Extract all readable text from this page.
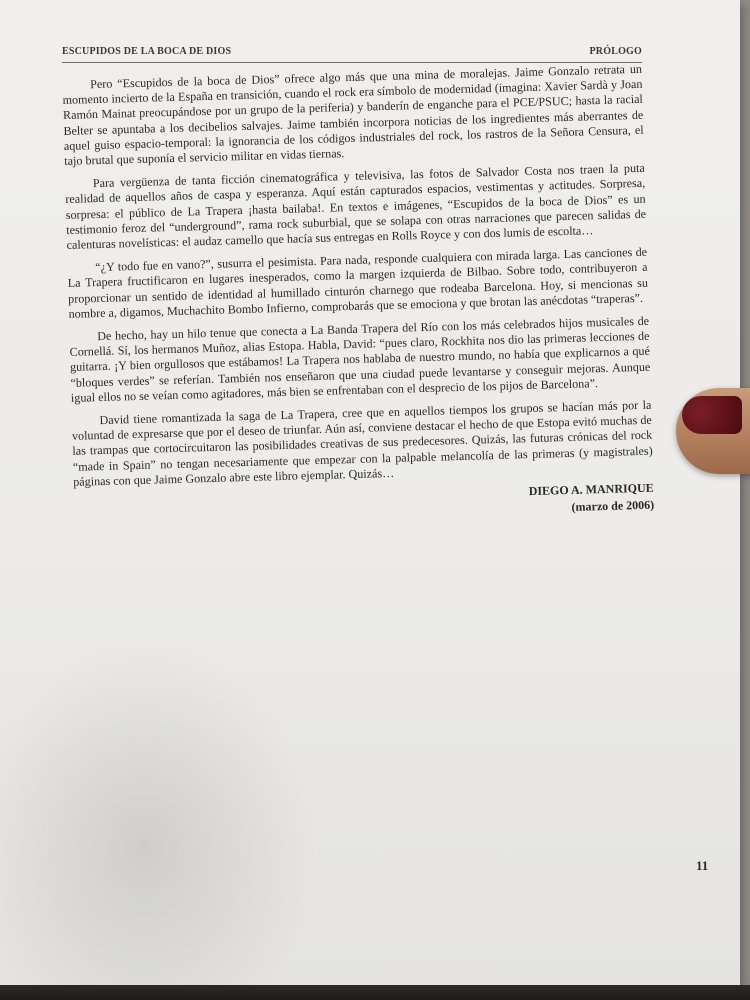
ESCUPIDOS DE LA BOCA DE DIOS	PRÓLOGO

Pero “Escupidos de la boca de Dios” ofrece algo más que una mina de moralejas. Jaime Gonzalo retrata un momento incierto de la España en transición, cuando el rock era símbolo de modernidad (imagina: Xavier Sardà y Joan Ramón Mainat preocupándose por un grupo de la periferia) y banderín de enganche para el PCE/PSUC; hasta la racial Belter se apuntaba a los decibelios salvajes. Jaime también incorpora noticias de los ingredientes más aberrantes de aquel guiso espacio-temporal: la ignorancia de los códigos industriales del rock, los rastros de la Señora Censura, el tajo brutal que suponía el servicio militar en vidas tiernas.

Para vergüenza de tanta ficción cinematográfica y televisiva, las fotos de Salvador Costa nos traen la puta realidad de aquellos años de caspa y esperanza. Aquí están capturados espacios, vestimentas y actitudes. Sorpresa, sorpresa: el público de La Trapera ¡hasta bailaba!. En textos e imágenes, “Escupidos de la boca de Dios” es un testimonio feroz del “underground”, rama rock suburbial, que se solapa con otras narraciones que parecen salidas de calenturas novelísticas: el audaz camello que hacía sus entregas en Rolls Royce y con dos lumis de escolta…

“¿Y todo fue en vano?”, susurra el pesimista. Para nada, responde cualquiera con mirada larga. Las canciones de La Trapera fructificaron en lugares inesperados, como la margen izquierda de Bilbao. Sobre todo, contribuyeron a proporcionar un sentido de identidad al humillado cinturón charnego que rodeaba Barcelona. Hoy, si mencionas su nombre a, digamos, Muchachito Bombo Infierno, comprobarás que se emociona y que brotan las anécdotas “traperas”.

De hecho, hay un hilo tenue que conecta a La Banda Trapera del Río con los más celebrados hijos musicales de Cornellá. Sí, los hermanos Muñoz, alias Estopa. Habla, David: “pues claro, Rockhita nos dio las primeras lecciones de guitarra. ¡Y bien orgullosos que estábamos! La Trapera nos hablaba de nuestro mundo, no había que explicarnos a qué “bloques verdes” se referían. También nos enseñaron que una ciudad puede levantarse y conseguir mejoras. Aunque igual ellos no se veían como agitadores, más bien se enfrentaban con el desprecio de los pijos de Barcelona”.

David tiene romantizada la saga de La Trapera, cree que en aquellos tiempos los grupos se hacían más por la voluntad de expresarse que por el deseo de triunfar. Aún así, conviene destacar el hecho de que Estopa evitó muchas de las trampas que cortocircuitaron las posibilidades creativas de sus predecesores. Quizás, las futuras crónicas del rock “made in Spain” no tengan necesariamente que empezar con la palpable melancolía de las primeras (y magistrales) páginas con que Jaime Gonzalo abre este libro ejemplar. Quizás…

DIEGO A. MANRIQUE
(marzo de 2006)
11
